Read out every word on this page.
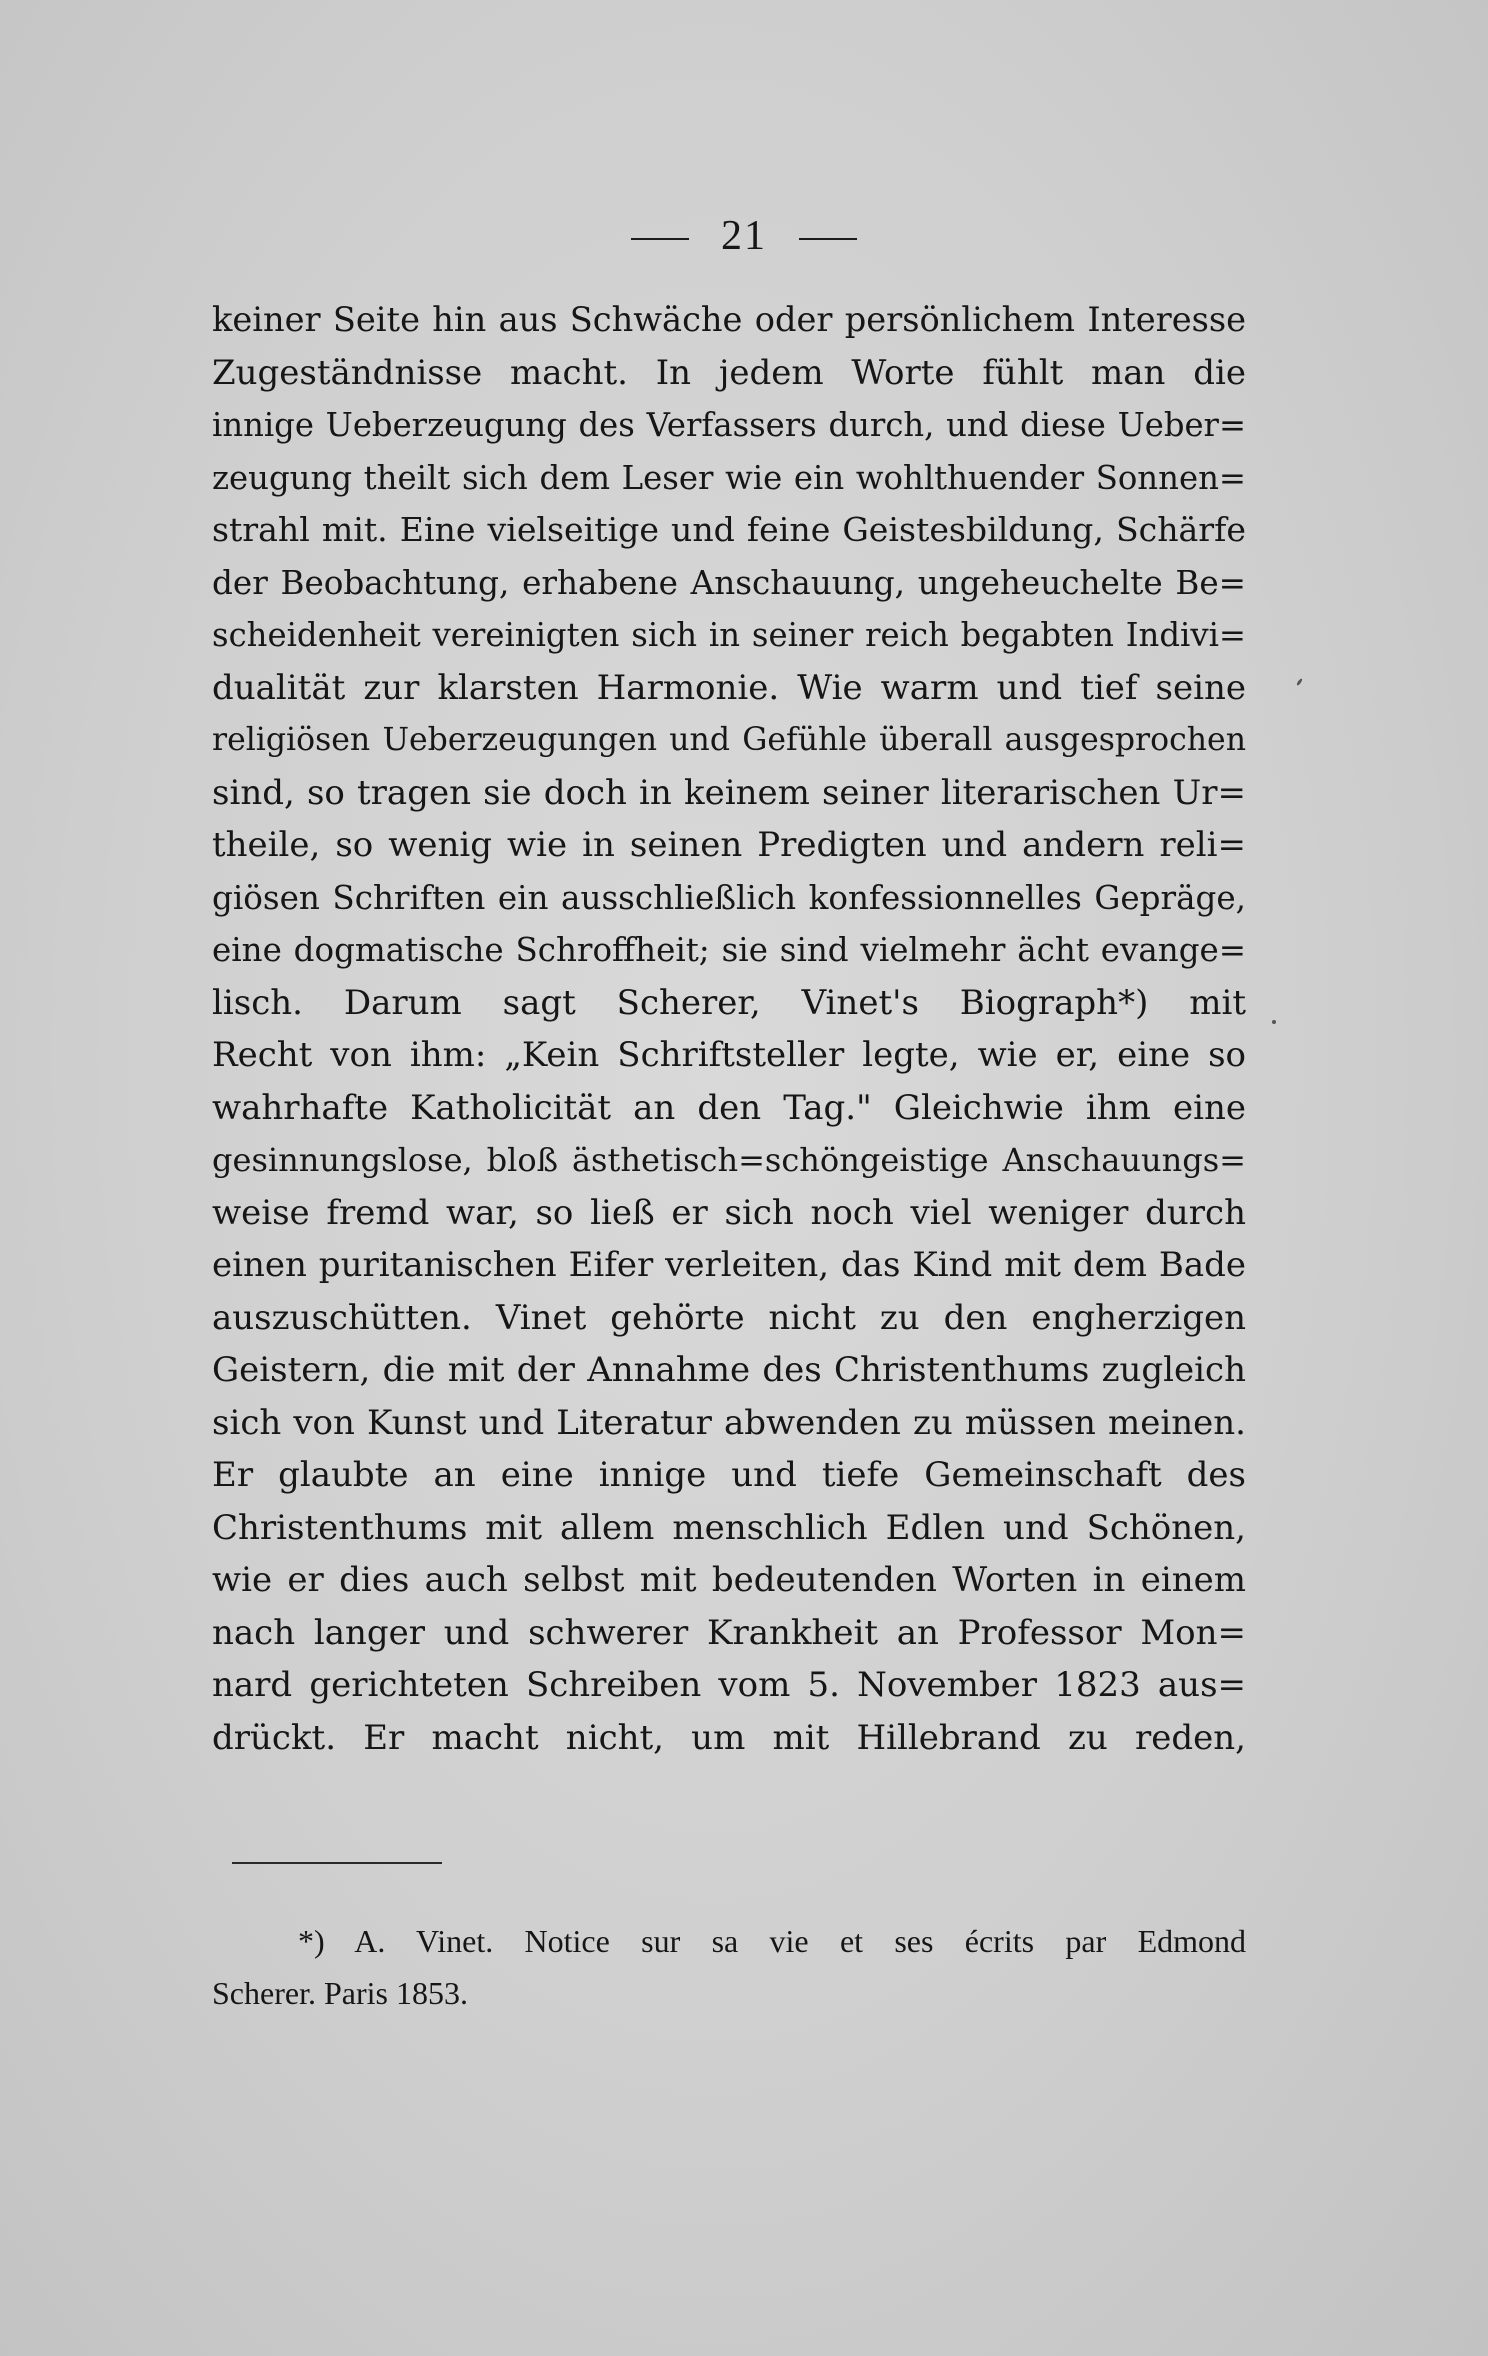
21
keiner Seite hin aus Schwäche oder persönlichem Interesse
Zugeständnisse macht. In jedem Worte fühlt man die
innige Ueberzeugung des Verfassers durch, und diese Ueber=
zeugung theilt sich dem Leser wie ein wohlthuender Sonnen=
strahl mit. Eine vielseitige und feine Geistesbildung, Schärfe
der Beobachtung, erhabene Anschauung, ungeheuchelte Be=
scheidenheit vereinigten sich in seiner reich begabten Indivi=
dualität zur klarsten Harmonie. Wie warm und tief seine
religiösen Ueberzeugungen und Gefühle überall ausgesprochen
sind, so tragen sie doch in keinem seiner literarischen Ur=
theile, so wenig wie in seinen Predigten und andern reli=
giösen Schriften ein ausschließlich konfessionnelles Gepräge,
eine dogmatische Schroffheit; sie sind vielmehr ächt evange=
lisch. Darum sagt Scherer, Vinet's Biograph*) mit
Recht von ihm: „Kein Schriftsteller legte, wie er, eine so
wahrhafte Katholicität an den Tag." Gleichwie ihm eine
gesinnungslose, bloß ästhetisch=schöngeistige Anschauungs=
weise fremd war, so ließ er sich noch viel weniger durch
einen puritanischen Eifer verleiten, das Kind mit dem Bade
auszuschütten. Vinet gehörte nicht zu den engherzigen
Geistern, die mit der Annahme des Christenthums zugleich
sich von Kunst und Literatur abwenden zu müssen meinen.
Er glaubte an eine innige und tiefe Gemeinschaft des
Christenthums mit allem menschlich Edlen und Schönen,
wie er dies auch selbst mit bedeutenden Worten in einem
nach langer und schwerer Krankheit an Professor Mon=
nard gerichteten Schreiben vom 5. November 1823 aus=
drückt. Er macht nicht, um mit Hillebrand zu reden,
*) A. Vinet. Notice sur sa vie et ses écrits par Edmond
Scherer. Paris 1853.
